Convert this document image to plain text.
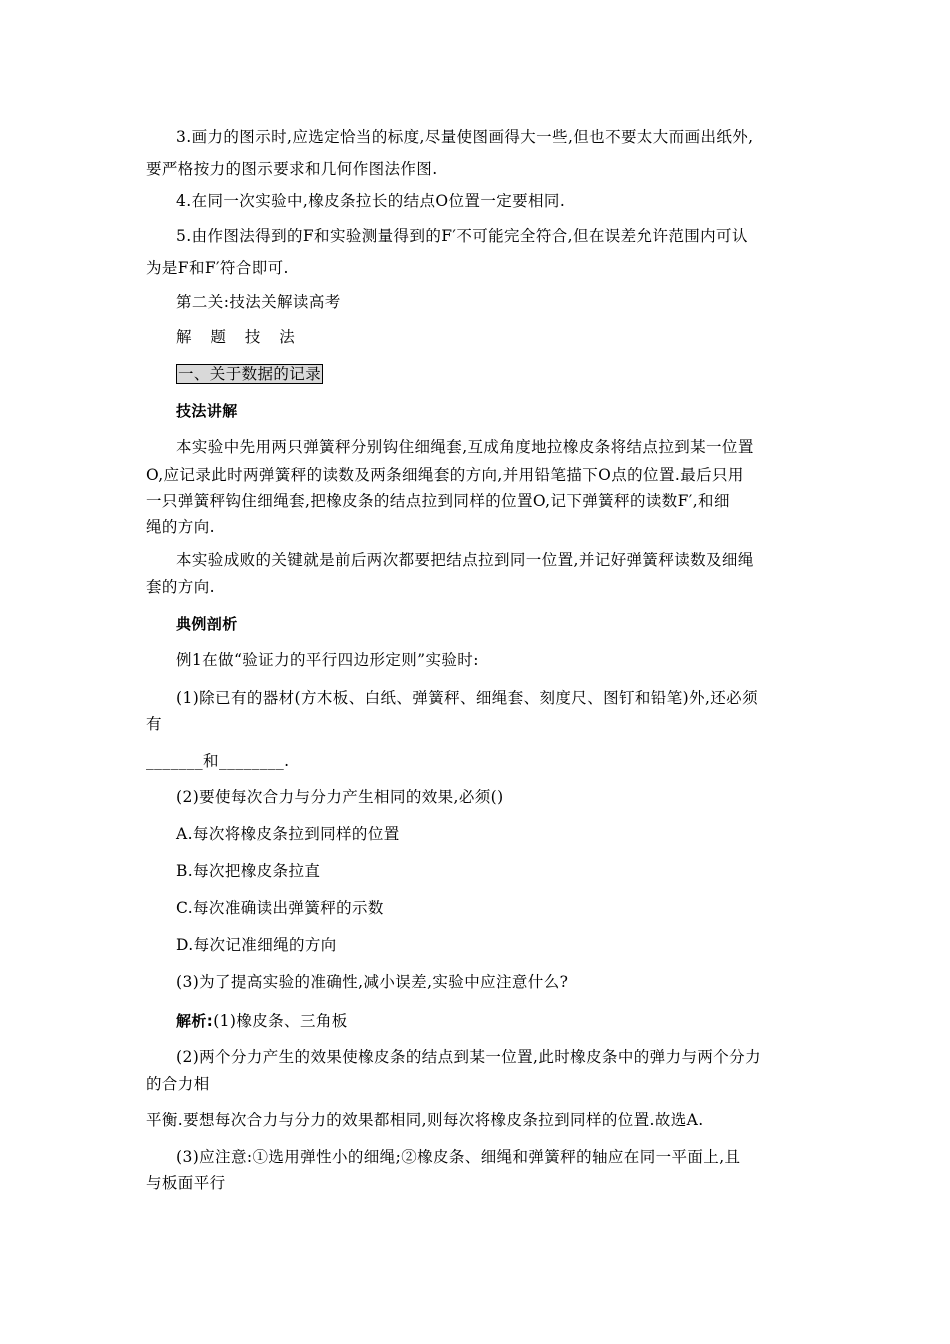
3.画力的图示时,应选定恰当的标度,尽量使图画得大一些,但也不要太大而画出纸外,
要严格按力的图示要求和几何作图法作图.
4.在同一次实验中,橡皮条拉长的结点O位置一定要相同.
5.由作图法得到的F和实验测量得到的F′不可能完全符合,但在误差允许范围内可认
为是F和F′符合即可.
第二关:技法关解读高考
解 题 技 法
一、关于数据的记录
技法讲解
本实验中先用两只弹簧秤分别钩住细绳套,互成角度地拉橡皮条将结点拉到某一位置
O,应记录此时两弹簧秤的读数及两条细绳套的方向,并用铅笔描下O点的位置.最后只用
一只弹簧秤钩住细绳套,把橡皮条的结点拉到同样的位置O,记下弹簧秤的读数F′,和细
绳的方向.
本实验成败的关键就是前后两次都要把结点拉到同一位置,并记好弹簧秤读数及细绳
套的方向.
典例剖析
例1在做“验证力的平行四边形定则”实验时:
(1)除已有的器材(方木板、白纸、弹簧秤、细绳套、刻度尺、图钉和铅笔)外,还必须
有
_______和________.
(2)要使每次合力与分力产生相同的效果,必须()
A.每次将橡皮条拉到同样的位置
B.每次把橡皮条拉直
C.每次准确读出弹簧秤的示数
D.每次记准细绳的方向
(3)为了提高实验的准确性,减小误差,实验中应注意什么?
解析:(1)橡皮条、三角板
(2)两个分力产生的效果使橡皮条的结点到某一位置,此时橡皮条中的弹力与两个分力
的合力相
平衡.要想每次合力与分力的效果都相同,则每次将橡皮条拉到同样的位置.故选A.
(3)应注意:①选用弹性小的细绳;②橡皮条、细绳和弹簧秤的轴应在同一平面上,且
与板面平行
